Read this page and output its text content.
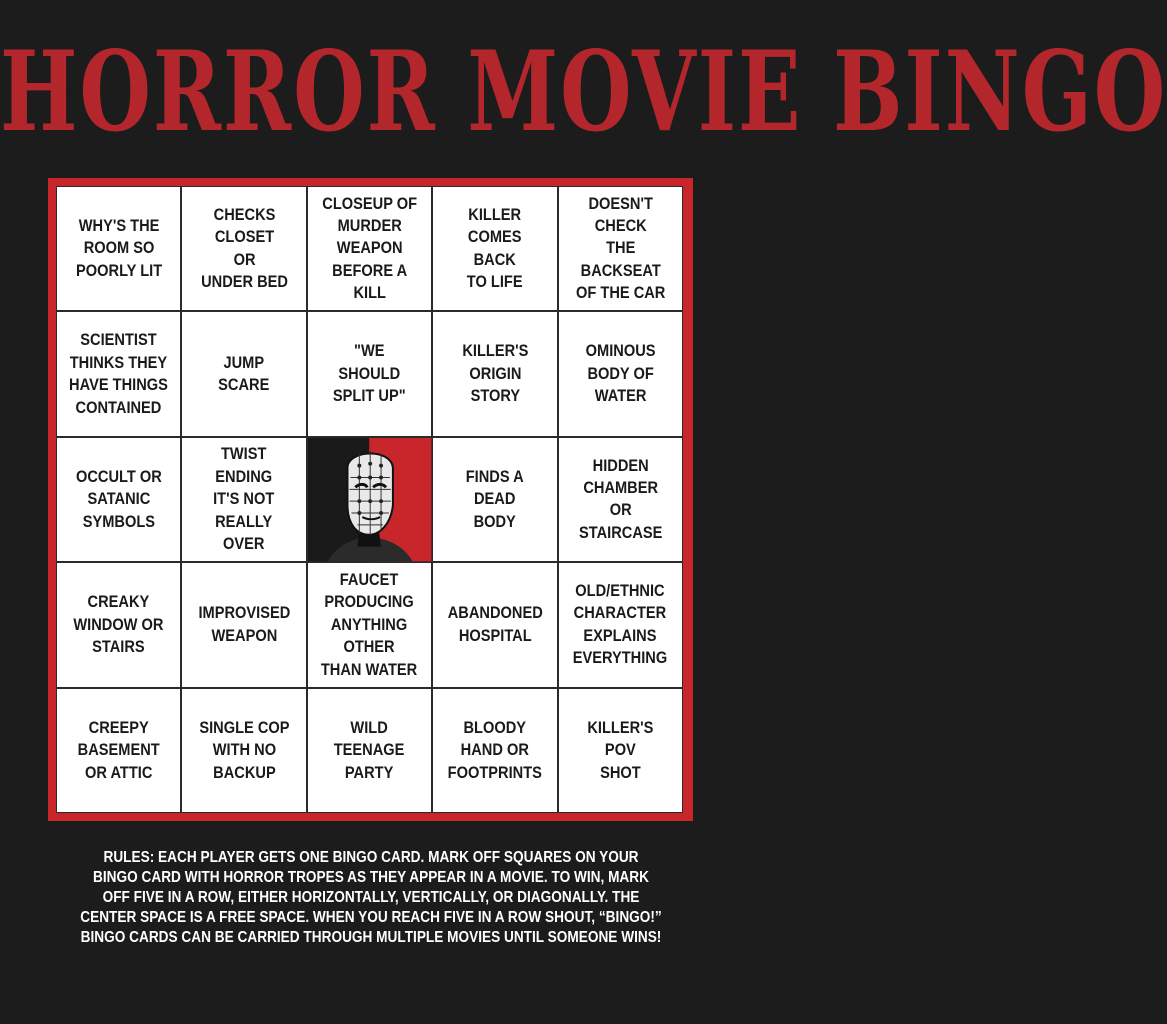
HORROR MOVIE BINGO
WHY'S THE
ROOM SO
POORLY LIT
CHECKS
CLOSET
OR
UNDER BED
CLOSEUP OF
MURDER
WEAPON
BEFORE A KILL
KILLER
COMES BACK
TO LIFE
DOESN'T
CHECK
THE BACKSEAT
OF THE CAR
SCIENTIST
THINKS THEY
HAVE THINGS
CONTAINED
JUMP
SCARE
"WE
SHOULD
SPLIT UP"
KILLER'S
ORIGIN
STORY
OMINOUS
BODY OF
WATER
OCCULT OR
SATANIC
SYMBOLS
TWIST ENDING
IT'S NOT
REALLY OVER
FINDS A
DEAD
BODY
HIDDEN
CHAMBER OR
STAIRCASE
CREAKY
WINDOW OR
STAIRS
IMPROVISED
WEAPON
FAUCET
PRODUCING
ANYTHING
OTHER
THAN WATER
ABANDONED
HOSPITAL
OLD/ETHNIC
CHARACTER
EXPLAINS
EVERYTHING
CREEPY
BASEMENT
OR ATTIC
SINGLE COP
WITH NO
BACKUP
WILD
TEENAGE
PARTY
BLOODY
HAND OR
FOOTPRINTS
KILLER'S
POV
SHOT
RULES: EACH PLAYER GETS ONE BINGO CARD. MARK OFF SQUARES ON YOUR BINGO CARD WITH HORROR TROPES AS THEY APPEAR IN A MOVIE. TO WIN, MARK OFF FIVE IN A ROW, EITHER HORIZONTALLY, VERTICALLY, OR DIAGONALLY. THE CENTER SPACE IS A FREE SPACE. WHEN YOU REACH FIVE IN A ROW SHOUT, “BINGO!” BINGO CARDS CAN BE CARRIED THROUGH MULTIPLE MOVIES UNTIL SOMEONE WINS!
